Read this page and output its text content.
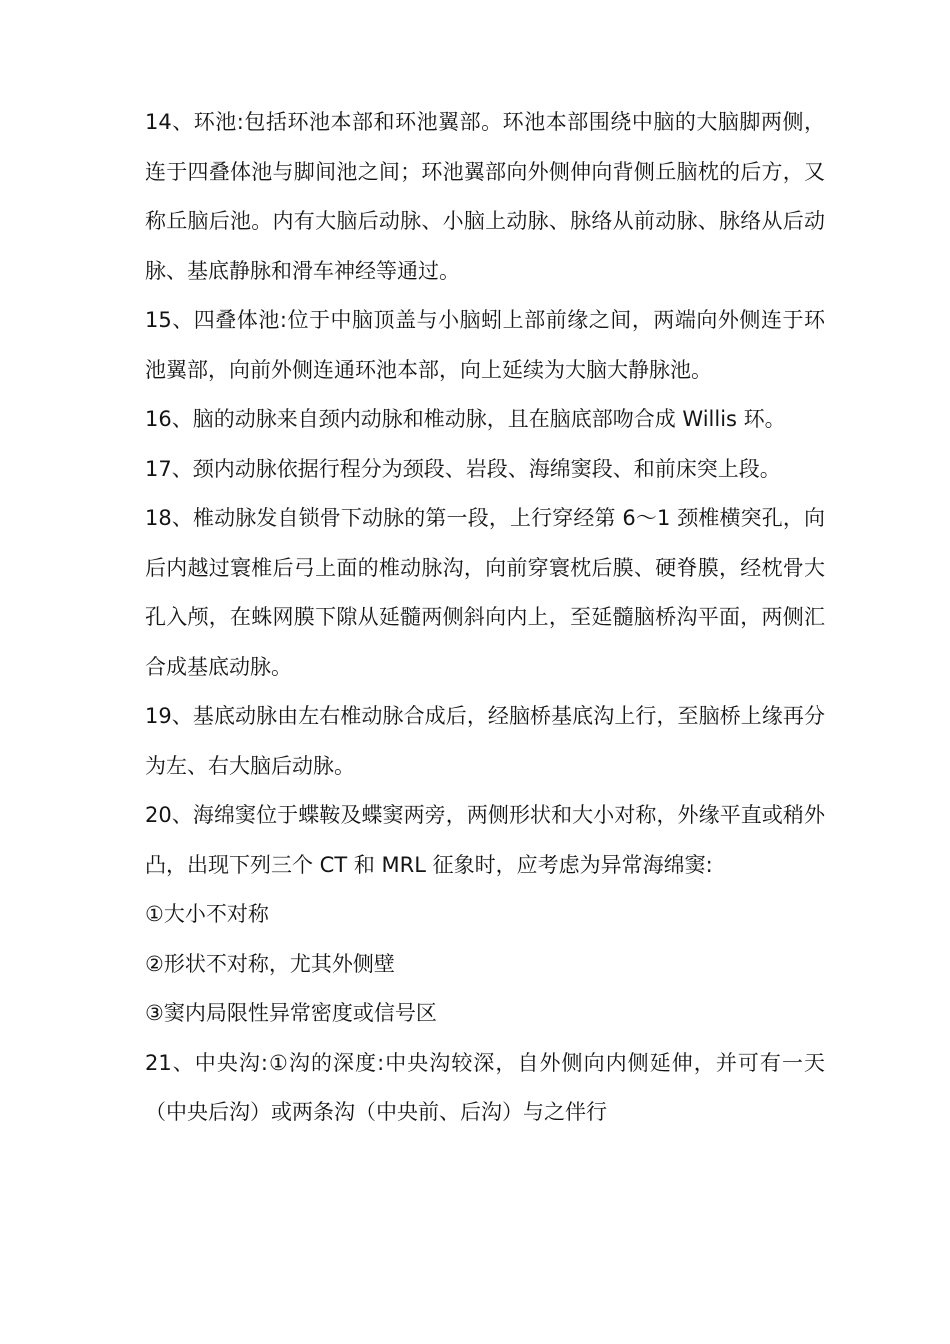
14、环池:包括环池本部和环池翼部。环池本部围绕中脑的大脑脚两侧，连于四叠体池与脚间池之间；环池翼部向外侧伸向背侧丘脑枕的后方，又称丘脑后池。内有大脑后动脉、小脑上动脉、脉络从前动脉、脉络从后动脉、基底静脉和滑车神经等通过。

15、四叠体池:位于中脑顶盖与小脑蚓上部前缘之间，两端向外侧连于环池翼部，向前外侧连通环池本部，向上延续为大脑大静脉池。

16、脑的动脉来自颈内动脉和椎动脉，且在脑底部吻合成 Willis 环。

17、颈内动脉依据行程分为颈段、岩段、海绵窦段、和前床突上段。

18、椎动脉发自锁骨下动脉的第一段，上行穿经第 6～1 颈椎横突孔，向后内越过寰椎后弓上面的椎动脉沟，向前穿寰枕后膜、硬脊膜，经枕骨大孔入颅，在蛛网膜下隙从延髓两侧斜向内上，至延髓脑桥沟平面，两侧汇合成基底动脉。

19、基底动脉由左右椎动脉合成后，经脑桥基底沟上行，至脑桥上缘再分为左、右大脑后动脉。

20、海绵窦位于蝶鞍及蝶窦两旁，两侧形状和大小对称，外缘平直或稍外凸，出现下列三个 CT 和 MRL 征象时，应考虑为异常海绵窦:

①大小不对称

②形状不对称，尤其外侧壁

③窦内局限性异常密度或信号区

21、中央沟:①沟的深度:中央沟较深，自外侧向内侧延伸，并可有一天（中央后沟）或两条沟（中央前、后沟）与之伴行
